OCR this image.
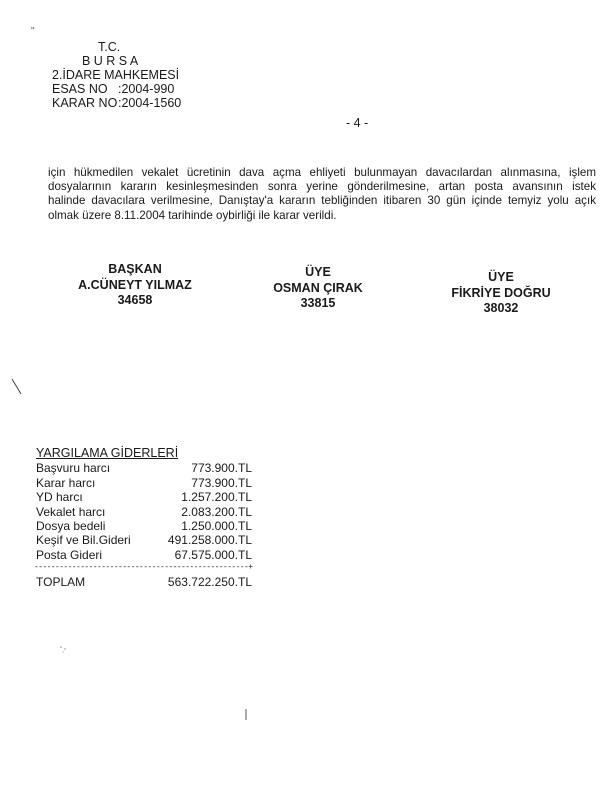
"
T.C.
B U R S A
2.İDARE MAHKEMESİ
ESAS NO :2004-990
KARAR NO :2004-1560
- 4 -
için hükmedilen vekalet ücretinin dava açma ehliyeti bulunmayan davacılardan alınmasına, işlem
dosyalarının kararın kesinleşmesinden sonra yerine gönderilmesine, artan posta avansının istek
halinde davacılara verilmesine, Danıştay'a kararın tebliğinden itibaren 30 gün içinde temyiz yolu açık
olmak üzere 8.11.2004 tarihinde oybirliği ile karar verildi.
BAŞKAN
A.CÜNEYT YILMAZ
34658
ÜYE
OSMAN ÇIRAK
33815
ÜYE
FİKRİYE DOĞRU
38032
YARGILAMA GİDERLERİ
Başvuru harcı	773.900.TL
Karar harcı	773.900.TL
YD harcı	1.257.200.TL
Vekalet harcı	2.083.200.TL
Dosya bedeli	1.250.000.TL
Keşif ve Bil.Gideri	491.258.000.TL
Posta Gideri	67.575.000.TL
---------------------------------------------------+
TOPLAM	563.722.250.TL
